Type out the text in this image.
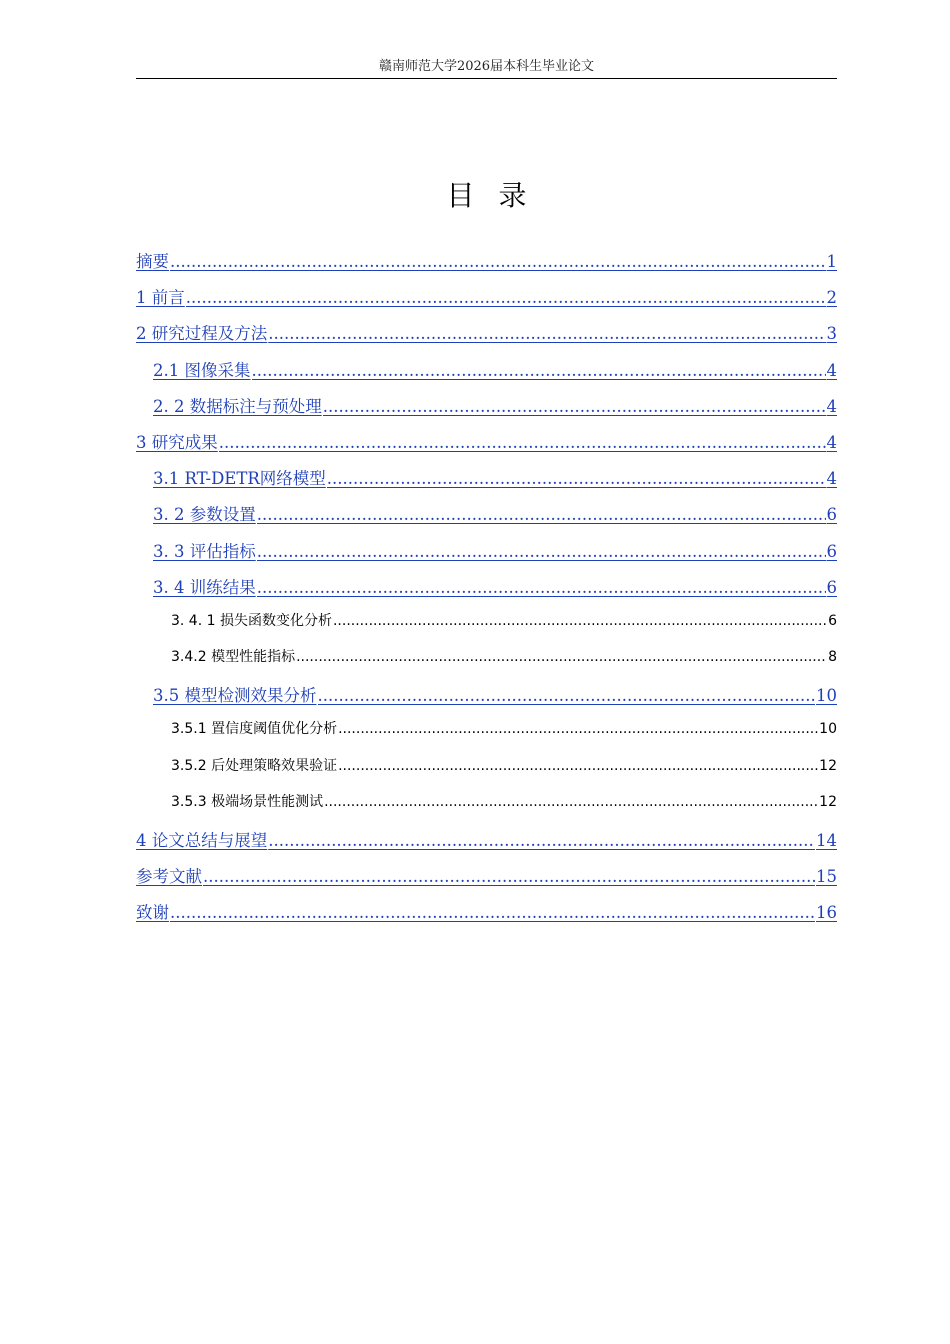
赣南师范大学2026届本科生毕业论文
目录
摘要 .....	1
1 前言 .....	2
2 研究过程及方法 .....	3
2.1 图像采集 .....	4
2. 2 数据标注与预处理 .....	4
3 研究成果 .....	4
3.1 RT-DETR网络模型 .....	4
3. 2 参数设置 .....	6
3. 3 评估指标 .....	6
3. 4 训练结果 .....	6
3. 4. 1 损失函数变化分析 .....	6
3.4.2 模型性能指标 .....	8
3.5 模型检测效果分析 .....	10
3.5.1 置信度阈值优化分析 .....	10
3.5.2 后处理策略效果验证 .....	12
3.5.3 极端场景性能测试 .....	12
4 论文总结与展望 .....	14
参考文献 .....	15
致谢 .....	16
